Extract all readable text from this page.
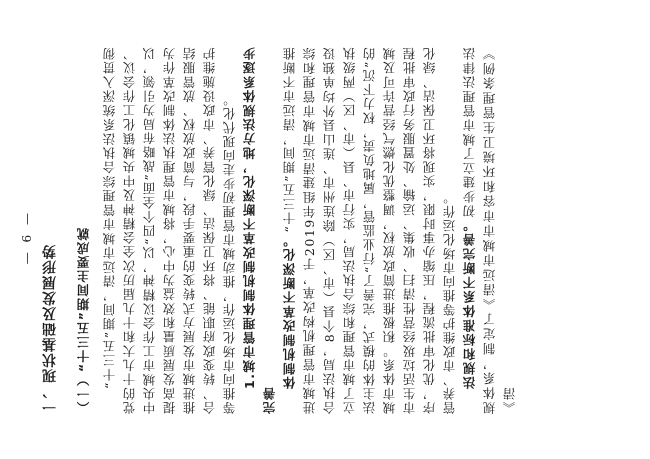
一、现状基础及发展形势 （一）“十三五”期间主要成就 “十三五”期间，清远市城市管理综合执法系统深入贯彻党的十九大和十九届历次全会精神及中央城镇化工作会议、中央城市工作会议精神，以“四个全面”战略布局为引领，以提高发展质量和效益为中心，将城市管理执法体制改革作为推进城市发展方式转变的重要手段，与简政放权、放管服结合、转变政府职能、将环卫保洁、绿化管养、市政设施维护等推向市场化运作，推动城市管理初步走向现代化。 1.城市管理体制机制改革不断深化，地方法规体系逐步完善

体制机制改革不断深化。“十三五”期间，清远市不断推进城市管理机构改革，于2019年组建清远市城市管理和综合执法局，8个县（市、区）除连州市、连山县外均单独设立了城市管理和综合执法局，实行市、县（市、区）两级执法主体的模式，完善了“行业监管，属地负责，权力下沉”的城市体系。积极推进简政放权，调整优化燃气经营许可及城市生活垃圾经营性清扫、收集、运输、处置服务行政审批程序，优化审批流程，压缩办事时限，实现将环卫保洁、绿化管养、市政维护等推向市场化运作。 法规和标准体系不断完善。初步建立了城市管理法律法规体系，制定了《清远市城市市容和环境卫生管理条例》《清

— 6 —
